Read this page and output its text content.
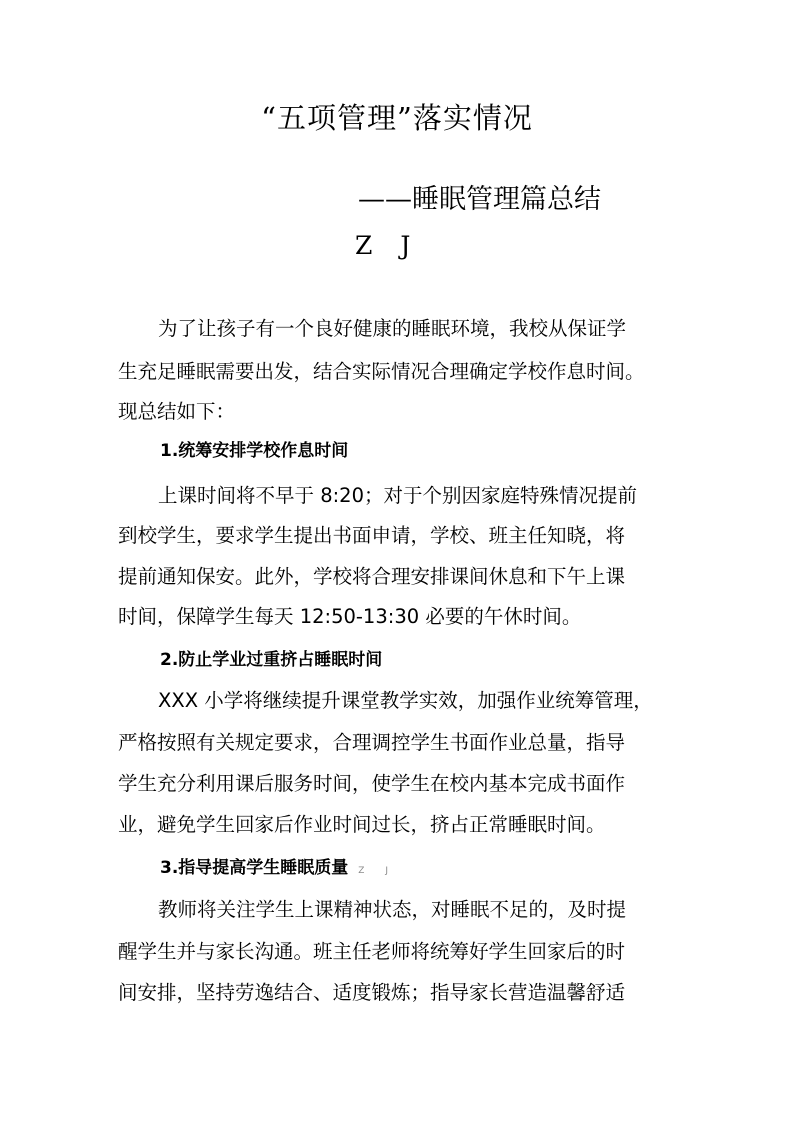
“五项管理”落实情况
——睡眠管理篇总结
Z J
为了让孩子有一个良好健康的睡眠环境，我校从保证学
生充足睡眠需要出发，结合实际情况合理确定学校作息时间。
现总结如下：
1.统筹安排学校作息时间
上课时间将不早于 8:20；对于个别因家庭特殊情况提前
到校学生，要求学生提出书面申请，学校、班主任知晓，将
提前通知保安。此外，学校将合理安排课间休息和下午上课
时间，保障学生每天 12:50-13:30 必要的午休时间。
2.防止学业过重挤占睡眠时间
XXX 小学将继续提升课堂教学实效，加强作业统筹管理，
严格按照有关规定要求，合理调控学生书面作业总量，指导
学生充分利用课后服务时间，使学生在校内基本完成书面作
业，避免学生回家后作业时间过长，挤占正常睡眠时间。
3.指导提高学生睡眠质量 Z J
教师将关注学生上课精神状态，对睡眠不足的，及时提
醒学生并与家长沟通。班主任老师将统筹好学生回家后的时
间安排，坚持劳逸结合、适度锻炼；指导家长营造温馨舒适
